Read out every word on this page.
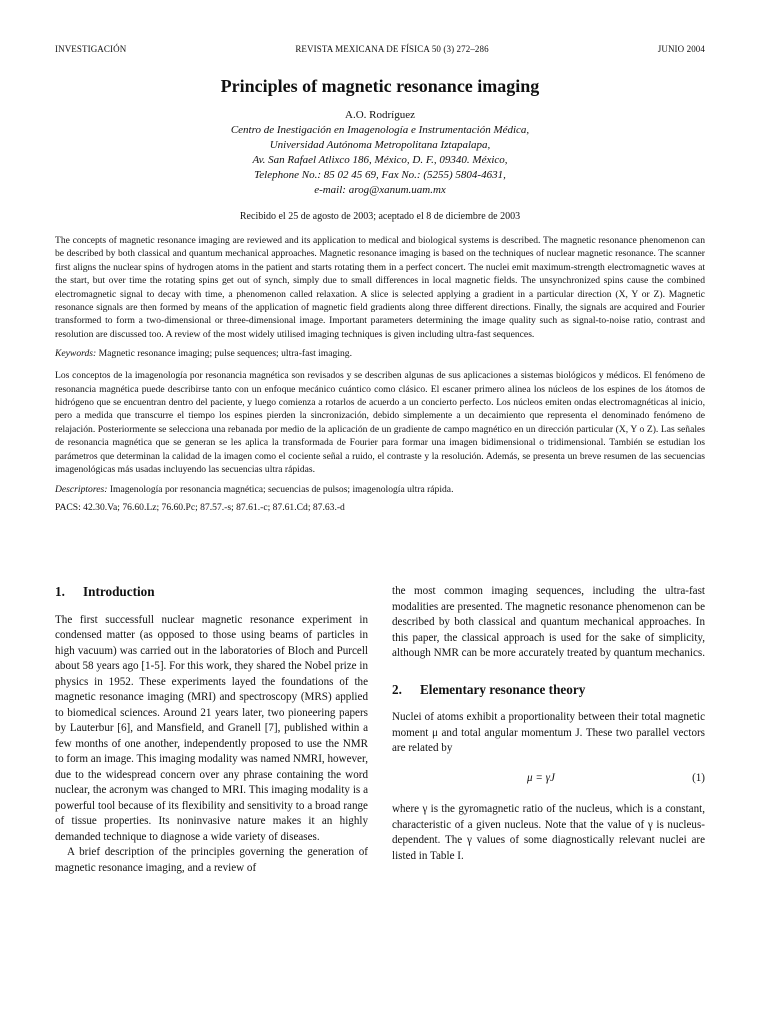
INVESTIGACIÓN	REVISTA MEXICANA DE FÍSICA 50 (3) 272–286	JUNIO 2004
Principles of magnetic resonance imaging
A.O. Rodríguez
Centro de Inestigación en Imagenología e Instrumentación Médica,
Universidad Autónoma Metropolitana Iztapalapa,
Av. San Rafael Atlixco 186, México, D. F., 09340. México,
Telephone No.: 85 02 45 69, Fax No.: (5255) 5804-4631,
e-mail: arog@xanum.uam.mx
Recibido el 25 de agosto de 2003; aceptado el 8 de diciembre de 2003
The concepts of magnetic resonance imaging are reviewed and its application to medical and biological systems is described. The magnetic resonance phenomenon can be described by both classical and quantum mechanical approaches. Magnetic resonance imaging is based on the techniques of nuclear magnetic resonance. The scanner first aligns the nuclear spins of hydrogen atoms in the patient and starts rotating them in a perfect concert. The nuclei emit maximum-strength electromagnetic waves at the start, but over time the rotating spins get out of synch, simply due to small differences in local magnetic fields. The unsynchronized spins cause the combined electromagnetic signal to decay with time, a phenomenon called relaxation. A slice is selected applying a gradient in a particular direction (X, Y or Z). Magnetic resonance signals are then formed by means of the application of magnetic field gradients along three different directions. Finally, the signals are acquired and Fourier transformed to form a two-dimensional or three-dimensional image. Important parameters determining the image quality such as signal-to-noise ratio, contrast and resolution are discussed too. A review of the most widely utilised imaging techniques is given including ultra-fast sequences.
Keywords: Magnetic resonance imaging; pulse sequences; ultra-fast imaging.
Los conceptos de la imagenología por resonancia magnética son revisados y se describen algunas de sus aplicaciones a sistemas biológicos y médicos. El fenómeno de resonancia magnética puede describirse tanto con un enfoque mecánico cuántico como clásico. El escaner primero alinea los núcleos de los espines de los átomos de hidrógeno que se encuentran dentro del paciente, y luego comienza a rotarlos de acuerdo a un concierto perfecto. Los núcleos emiten ondas electromagnéticas al inicio, pero a medida que transcurre el tiempo los espines pierden la sincronización, debido simplemente a un decaimiento que representa el denominado fenómeno de relajación. Posteriormente se selecciona una rebanada por medio de la aplicación de un gradiente de campo magnético en un dirección particular (X, Y o Z). Las señales de resonancia magnética que se generan se les aplica la transformada de Fourier para formar una imagen bidimensional o tridimensional. También se estudian los parámetros que determinan la calidad de la imagen como el cociente señal a ruido, el contraste y la resolución. Además, se presenta un breve resumen de las secuencias imagenológicas más usadas incluyendo las secuencias ultra rápidas.
Descriptores: Imagenología por resonancia magnética; secuencias de pulsos; imagenología ultra rápida.
PACS: 42.30.Va; 76.60.Lz; 76.60.Pc; 87.57.-s; 87.61.-c; 87.61.Cd; 87.63.-d
1. Introduction

The first successfull nuclear magnetic resonance experiment in condensed matter (as opposed to those using beams of particles in high vacuum) was carried out in the laboratories of Bloch and Purcell about 58 years ago [1-5]. For this work, they shared the Nobel prize in physics in 1952. These experiments layed the foundations of the magnetic resonance imaging (MRI) and spectroscopy (MRS) applied to biomedical sciences. Around 21 years later, two pioneering papers by Lauterbur [6], and Mansfield, and Granell [7], published within a few months of one another, independently proposed to use the NMR to form an image. This imaging modality was named NMRI, however, due to the widespread concern over any phrase containing the word nuclear, the acronym was changed to MRI. This imaging modality is a powerful tool because of its flexibility and sensitivity to a broad range of tissue properties. Its noninvasive nature makes it an highly demanded technique to diagnose a wide variety of diseases.

A brief description of the principles governing the generation of magnetic resonance imaging, and a review of

the most common imaging sequences, including the ultra-fast modalities are presented. The magnetic resonance phenomenon can be described by both classical and quantum mechanical approaches. In this paper, the classical approach is used for the sake of simplicity, although NMR can be more accurately treated by quantum mechanics.

2. Elementary resonance theory

Nuclei of atoms exhibit a proportionality between their total magnetic moment μ and total angular momentum J. These two parallel vectors are related by

μ = γJ	(1)

where γ is the gyromagnetic ratio of the nucleus, which is a constant, characteristic of a given nucleus. Note that the value of γ is nucleus-dependent. The γ values of some diagnostically relevant nuclei are listed in Table I.
